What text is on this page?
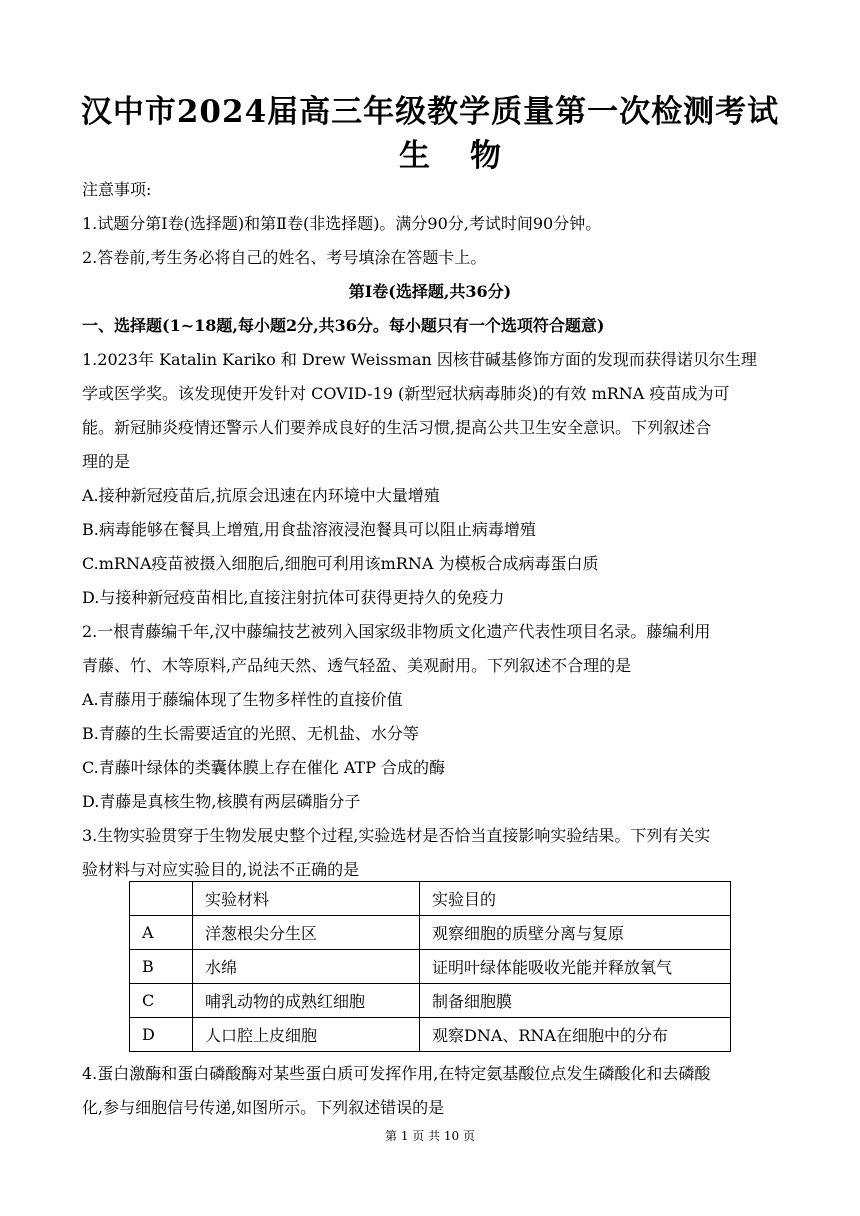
汉中市2024届高三年级教学质量第一次检测考试
生物
注意事项:
1.试题分第I卷(选择题)和第Ⅱ卷(非选择题)。满分90分,考试时间90分钟。
2.答卷前,考生务必将自己的姓名、考号填涂在答题卡上。
第I卷(选择题,共36分)
一、选择题(1~18题,每小题2分,共36分。每小题只有一个选项符合题意)
1.2023年 Katalin Kariko 和 Drew Weissman 因核苷碱基修饰方面的发现而获得诺贝尔生理
学或医学奖。该发现使开发针对 COVID-19 (新型冠状病毒肺炎)的有效 mRNA 疫苗成为可
能。新冠肺炎疫情还警示人们要养成良好的生活习惯,提高公共卫生安全意识。下列叙述合
理的是
A.接种新冠疫苗后,抗原会迅速在内环境中大量增殖
B.病毒能够在餐具上增殖,用食盐溶液浸泡餐具可以阻止病毒增殖
C.mRNA疫苗被摄入细胞后,细胞可利用该mRNA 为模板合成病毒蛋白质
D.与接种新冠疫苗相比,直接注射抗体可获得更持久的免疫力
2.一根青藤编千年,汉中藤编技艺被列入国家级非物质文化遗产代表性项目名录。藤编利用
青藤、竹、木等原料,产品纯天然、透气轻盈、美观耐用。下列叙述不合理的是
A.青藤用于藤编体现了生物多样性的直接价值
B.青藤的生长需要适宜的光照、无机盐、水分等
C.青藤叶绿体的类囊体膜上存在催化 ATP 合成的酶
D.青藤是真核生物,核膜有两层磷脂分子
3.生物实验贯穿于生物发展史整个过程,实验选材是否恰当直接影响实验结果。下列有关实
验材料与对应实验目的,说法不正确的是
	实验材料	实验目的
A	洋葱根尖分生区	观察细胞的质壁分离与复原
B	水绵	证明叶绿体能吸收光能并释放氧气
C	哺乳动物的成熟红细胞	制备细胞膜
D	人口腔上皮细胞	观察DNA、RNA在细胞中的分布
4.蛋白激酶和蛋白磷酸酶对某些蛋白质可发挥作用,在特定氨基酸位点发生磷酸化和去磷酸
化,参与细胞信号传递,如图所示。下列叙述错误的是
第 1 页 共 10 页
